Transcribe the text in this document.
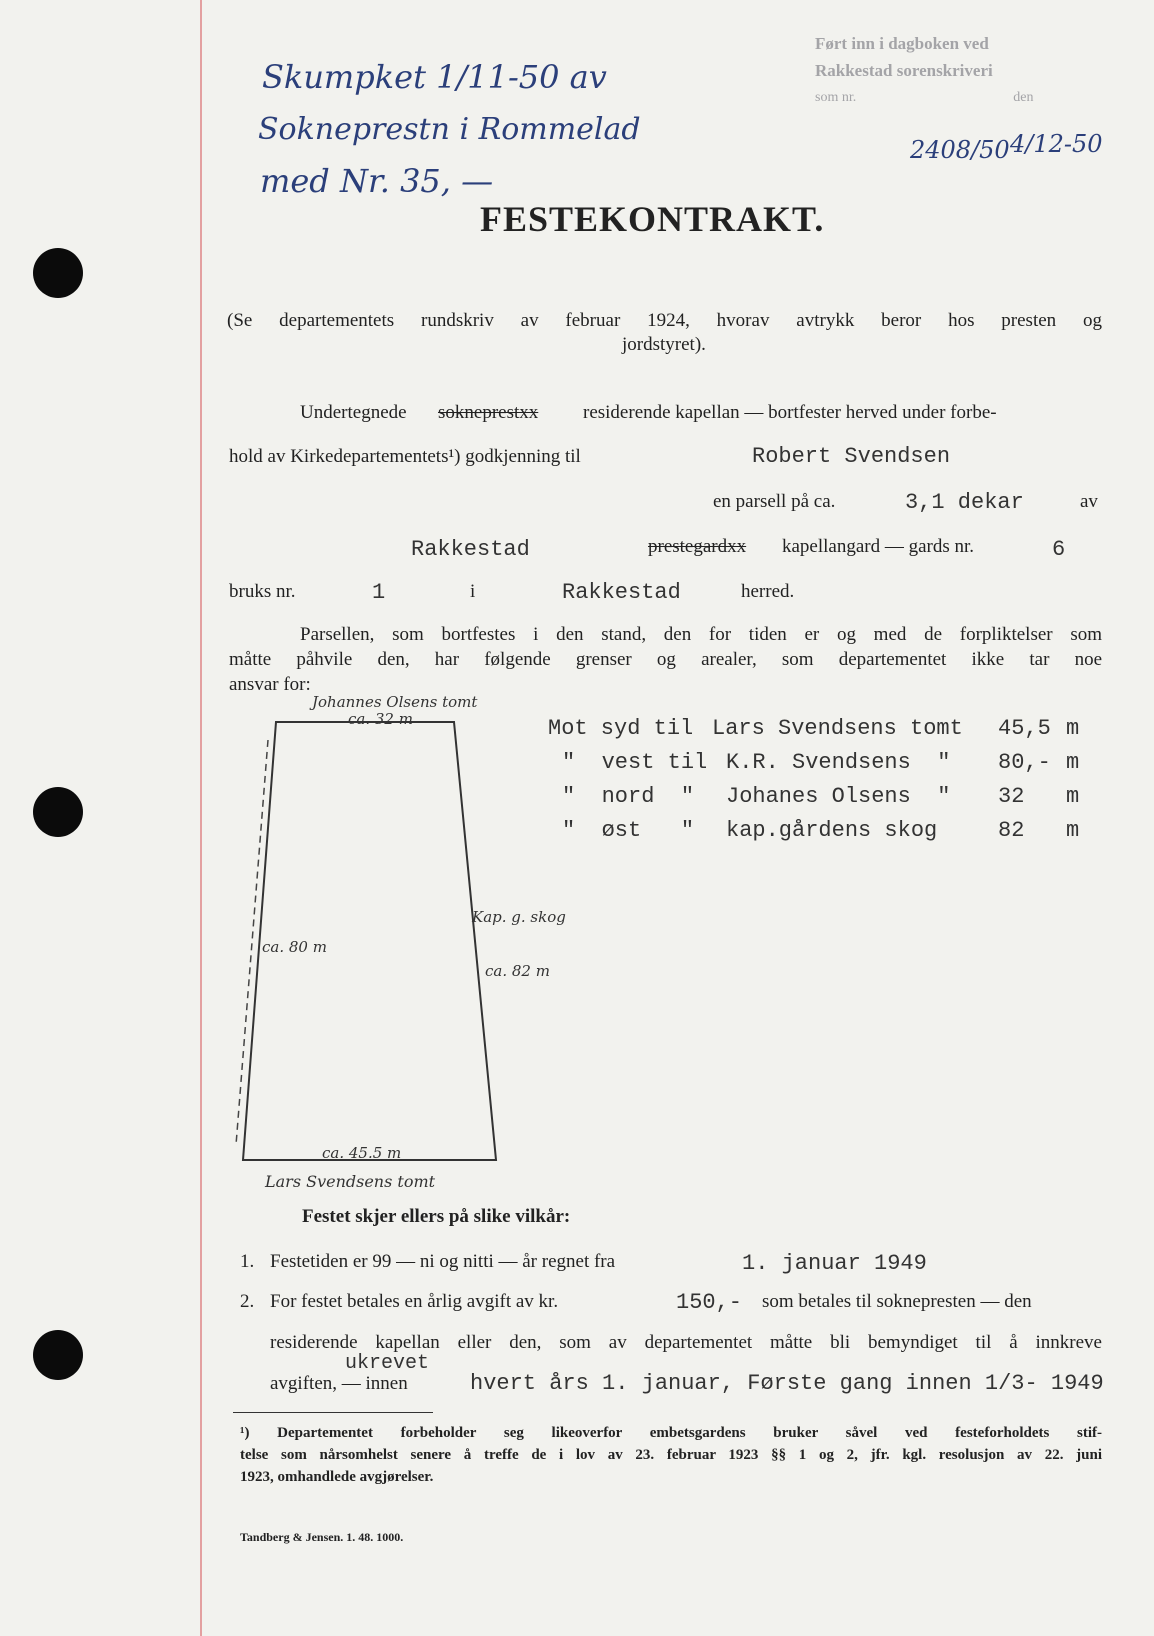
Skumpket 1/11-50 av
Sokneprestn i Rommelad
med Nr. 35, —
Ført inn i dagboken ved
Rakkestad sorenskriveri
som nr.	den
2408/50 4/12-50
FESTEKONTRAKT.
(Se departementets rundskriv av februar 1924, hvorav avtrykk beror hos presten og
jordstyret).
Undertegnede sokneprestxx residerende kapellan — bortfester herved under forbe-
hold av Kirkedepartementets¹) godkjenning til	Robert Svendsen
en parsell på ca.	3,1 dekar	av
Rakkestad	prestegardxx kapellangard — gards nr.	6
bruks nr.	1	i	Rakkestad	herred.
Parsellen, som bortfestes i den stand, den for tiden er og med de forpliktelser som
måtte påhvile den, har følgende grenser og arealer, som departementet ikke tar noe
ansvar for:
Johannes Olsens tomt
ca. 32 m
Kap. g. skog
ca. 80 m
ca. 82 m
ca. 45.5 m
Lars Svendsens tomt
Mot syd til Lars Svendsens tomt 45,5 m
"  vest til K.R. Svendsens  " 80,- m
"  nord  " Johanes Olsens  " 32 m
"  øst   " kap.gårdens skog	82 m
Festet skjer ellers på slike vilkår:
1. Festetiden er 99 — ni og nitti — år regnet fra	1. januar 1949
2. For festet betales en årlig avgift av kr.	150,- som betales til soknepresten — den
residerende kapellan eller den, som av departementet måtte bli bemyndiget til å innkreve
ukrevet
avgiften, — innen	hvert års 1. januar, Første gang innen 1/3- 1949
¹) Departementet forbeholder seg likeoverfor embetsgardens bruker såvel ved festeforholdets stif-
telse som nårsomhelst senere å treffe de i lov av 23. februar 1923 §§ 1 og 2, jfr. kgl. resolusjon av 22. juni
1923, omhandlede avgjørelser.
Tandberg & Jensen. 1. 48. 1000.
